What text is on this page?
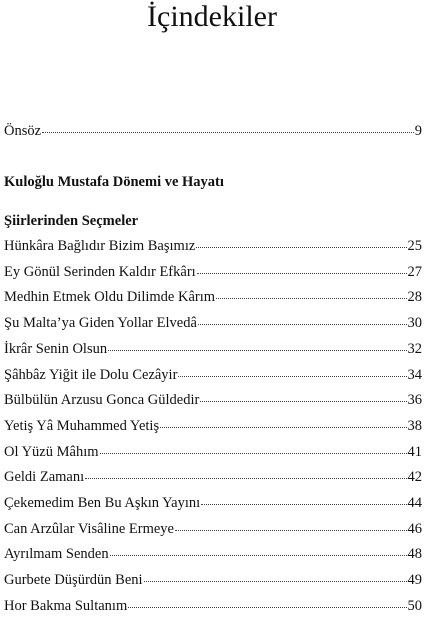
İçindekiler
Önsöz	9
Kuloğlu Mustafa Dönemi ve Hayatı
Şiirlerinden Seçmeler
Hünkâra Bağlıdır Bizim Başımız	25
Ey Gönül Serinden Kaldır Efkârı	27
Medhin Etmek Oldu Dilimde Kârım	28
Şu Malta’ya Giden Yollar Elvedâ	30
İkrâr Senin Olsun	32
Şâhbâz Yiğit ile Dolu Cezâyir	34
Bülbülün Arzusu Gonca Güldedir	36
Yetiş Yâ Muhammed Yetiş	38
Ol Yüzü Mâhım	41
Geldi Zamanı	42
Çekemedim Ben Bu Aşkın Yayını	44
Can Arzûlar Visâline Ermeye	46
Ayrılmam Senden	48
Gurbete Düşürdün Beni	49
Hor Bakma Sultanım	50
